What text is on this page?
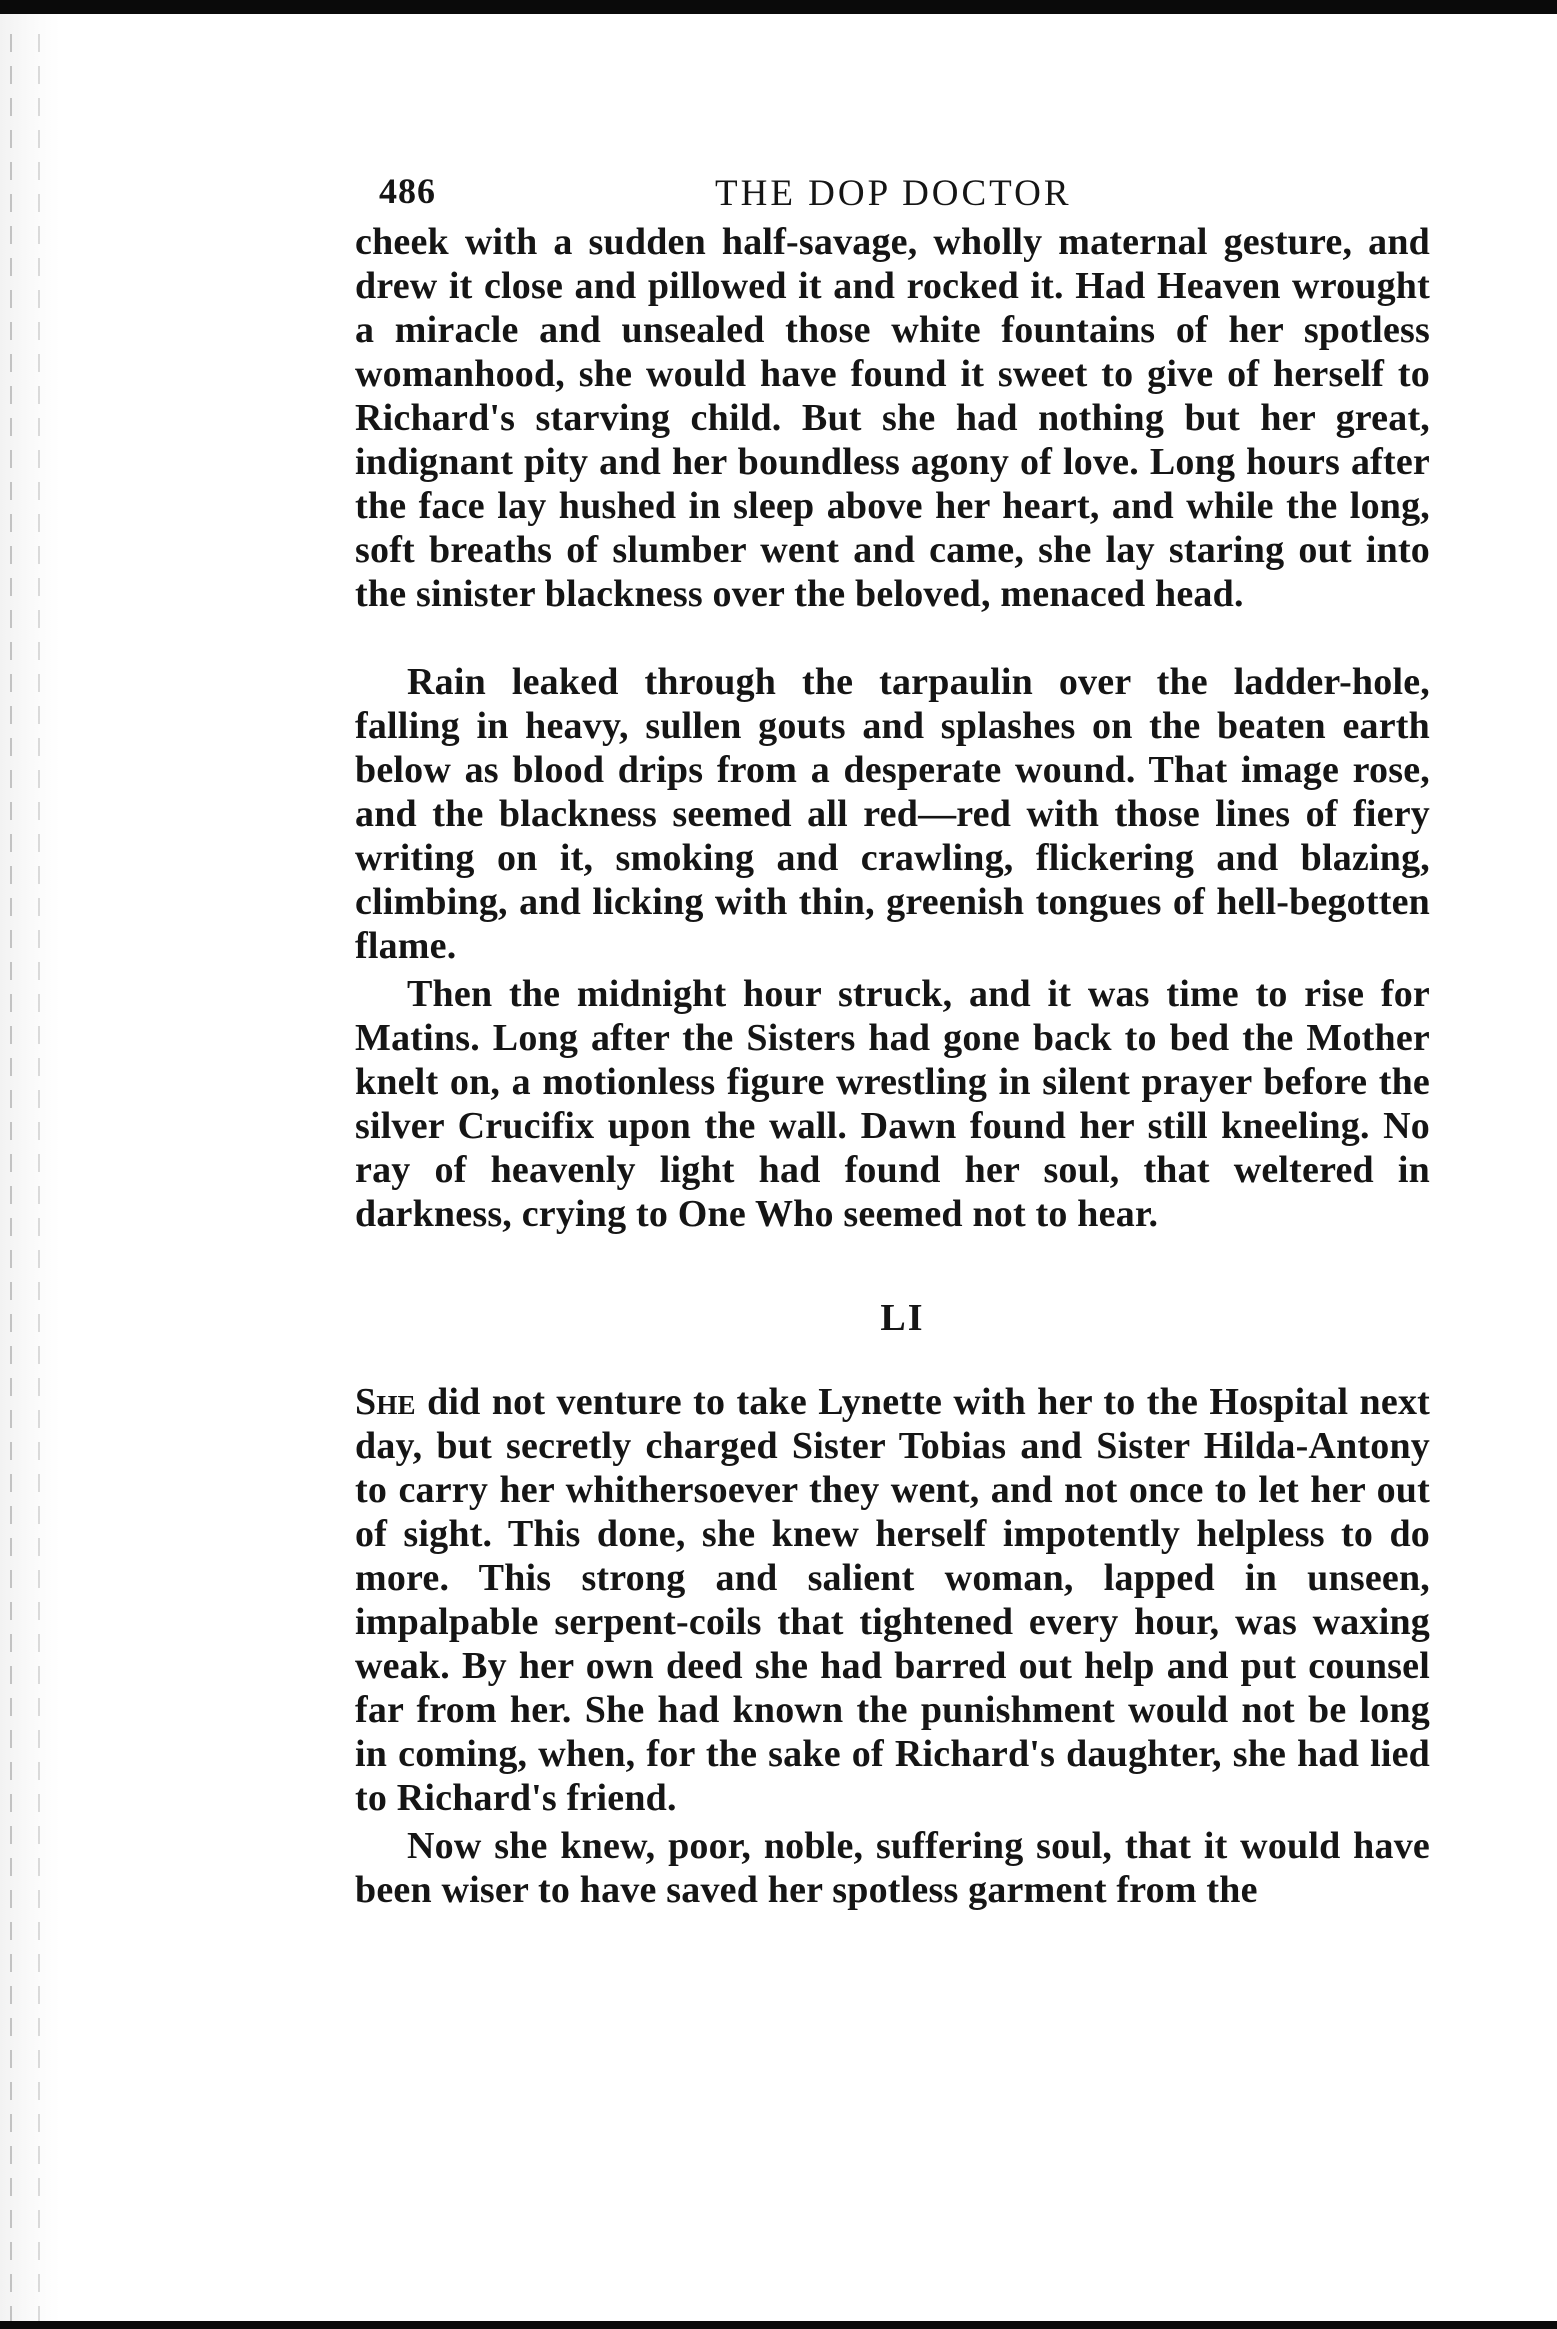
486	THE DOP DOCTOR

cheek with a sudden half-savage, wholly maternal gesture, and drew it close and pillowed it and rocked it. Had Heaven wrought a miracle and unsealed those white fountains of her spotless womanhood, she would have found it sweet to give of herself to Richard's starving child. But she had nothing but her great, indignant pity and her boundless agony of love. Long hours after the face lay hushed in sleep above her heart, and while the long, soft breaths of slumber went and came, she lay staring out into the sinister blackness over the beloved, menaced head.

Rain leaked through the tarpaulin over the ladder-hole, falling in heavy, sullen gouts and splashes on the beaten earth below as blood drips from a desperate wound. That image rose, and the blackness seemed all red—red with those lines of fiery writing on it, smoking and crawling, flickering and blazing, climbing, and licking with thin, greenish tongues of hell-begotten flame.

Then the midnight hour struck, and it was time to rise for Matins. Long after the Sisters had gone back to bed the Mother knelt on, a motionless figure wrestling in silent prayer before the silver Crucifix upon the wall. Dawn found her still kneeling. No ray of heavenly light had found her soul, that weltered in darkness, crying to One Who seemed not to hear.

LI

She did not venture to take Lynette with her to the Hospital next day, but secretly charged Sister Tobias and Sister Hilda-Antony to carry her whithersoever they went, and not once to let her out of sight. This done, she knew herself impotently helpless to do more. This strong and salient woman, lapped in unseen, impalpable serpent-coils that tightened every hour, was waxing weak. By her own deed she had barred out help and put counsel far from her. She had known the punishment would not be long in coming, when, for the sake of Richard's daughter, she had lied to Richard's friend.

Now she knew, poor, noble, suffering soul, that it would have been wiser to have saved her spotless garment from the
